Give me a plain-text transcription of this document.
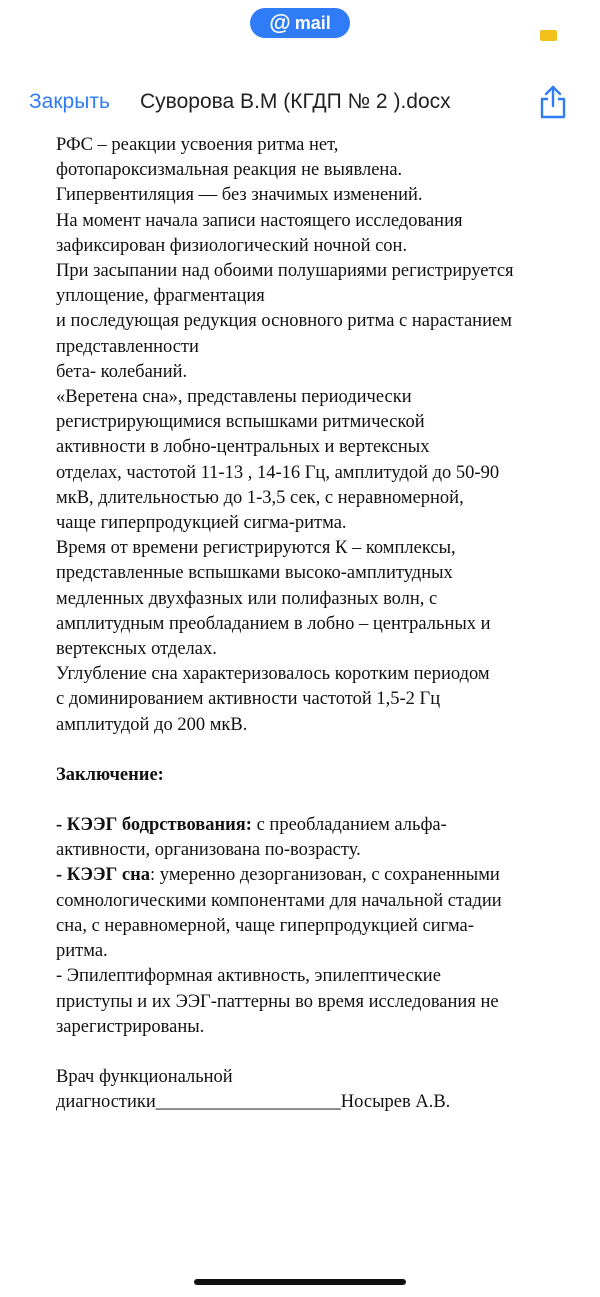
@ mail
Закрыть Суворова В.М (КГДП № 2 ).docx

РФС – реакции усвоения ритма нет,

фотопароксизмальная реакция не выявлена.

Гипервентиляция — без значимых изменений.

На момент начала записи настоящего исследования

зафиксирован физиологический ночной сон.

При засыпании над обоими полушариями регистрируется

уплощение, фрагментация

и последующая редукция основного ритма с нарастанием

представленности

бета- колебаний.

«Веретена сна», представлены периодически

регистрирующимися вспышками ритмической

активности в лобно-центральных и вертексных

отделах, частотой 11-13 , 14-16 Гц, амплитудой до 50-90

мкВ, длительностью до 1-3,5 сек, с неравномерной,

чаще гиперпродукцией сигма-ритма.

Время от времени регистрируются К – комплексы,

представленные вспышками высоко-амплитудных

медленных двухфазных или полифазных волн, с

амплитудным преобладанием в лобно – центральных и

вертексных отделах.

Углубление сна характеризовалось коротким периодом

с доминированием активности частотой 1,5-2 Гц

амплитудой до 200 мкВ.

Заключение:

- КЭЭГ бодрствования: с преобладанием альфа-

активности, организована по-возрасту.

- КЭЭГ сна: умеренно дезорганизован, с сохраненными

сомнологическими компонентами для начальной стадии

сна, с неравномерной, чаще гиперпродукцией сигма-

ритма.

- Эпилептиформная активность, эпилептические

приступы и их ЭЭГ-паттерны во время исследования не

зарегистрированы.

Врач функциональной

диагностики____________________Носырев А.В.
